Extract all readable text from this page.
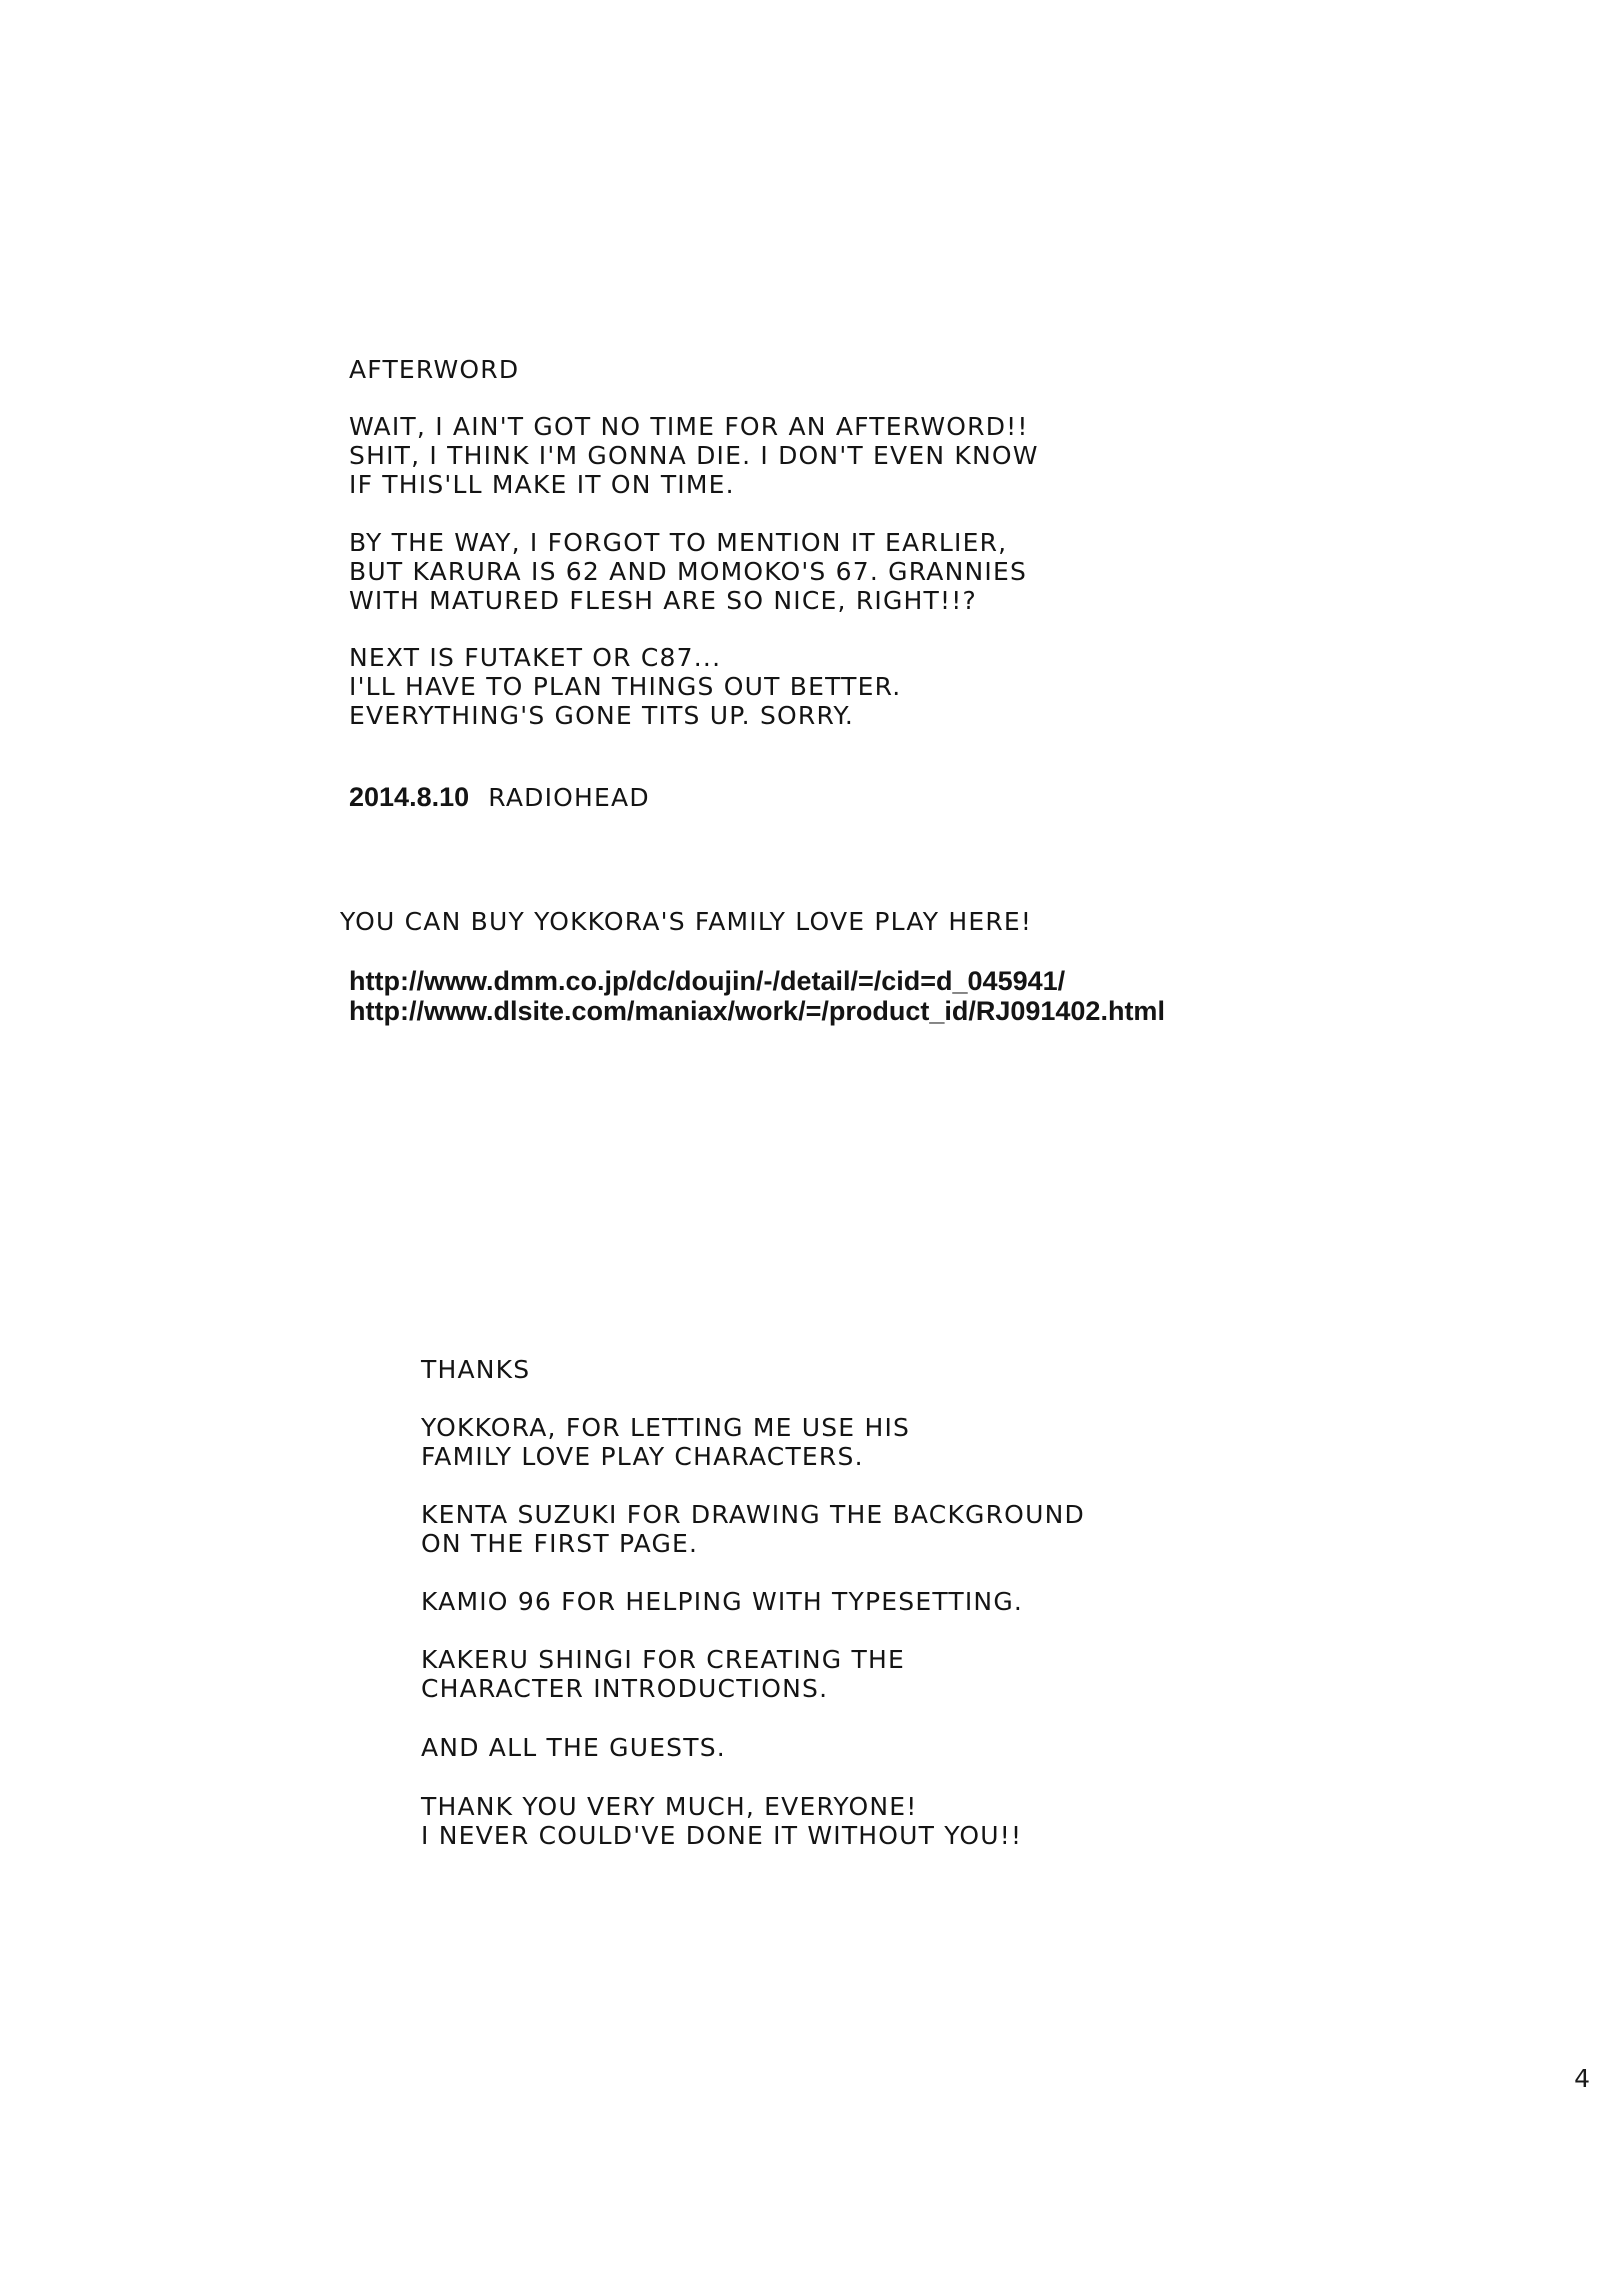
AFTERWORD
WAIT, I AIN'T GOT NO TIME FOR AN AFTERWORD!!
SHIT, I THINK I'M GONNA DIE. I DON'T EVEN KNOW
IF THIS'LL MAKE IT ON TIME.
BY THE WAY, I FORGOT TO MENTION IT EARLIER,
BUT KARURA IS 62 AND MOMOKO'S 67. GRANNIES
WITH MATURED FLESH ARE SO NICE, RIGHT!!?
NEXT IS FUTAKET OR C87...
I'LL HAVE TO PLAN THINGS OUT BETTER.
EVERYTHING'S GONE TITS UP. SORRY.
2014.8.10 RADIOHEAD
YOU CAN BUY YOKKORA'S FAMILY LOVE PLAY HERE!
http://www.dmm.co.jp/dc/doujin/-/detail/=/cid=d_045941/
http://www.dlsite.com/maniax/work/=/product_id/RJ091402.html
THANKS
YOKKORA, FOR LETTING ME USE HIS
FAMILY LOVE PLAY CHARACTERS.
KENTA SUZUKI FOR DRAWING THE BACKGROUND
ON THE FIRST PAGE.
KAMIO 96 FOR HELPING WITH TYPESETTING.
KAKERU SHINGI FOR CREATING THE
CHARACTER INTRODUCTIONS.
AND ALL THE GUESTS.
THANK YOU VERY MUCH, EVERYONE!
I NEVER COULD'VE DONE IT WITHOUT YOU!!
4
